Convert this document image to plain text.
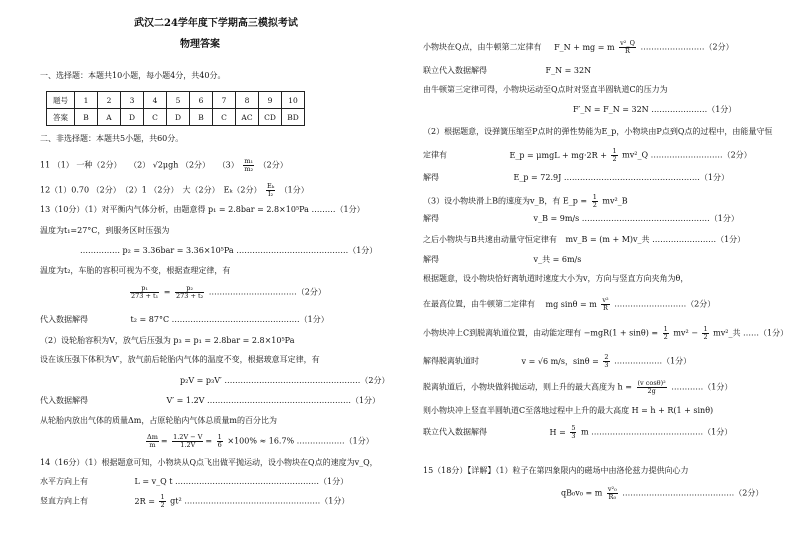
武汉二24学年度下学期高三模拟考试
物理答案
一、选择题：本题共10小题，每小题4分，共40分。
题号	1	2	3	4	5	6	7	8	9	10
答案	B	A	D	C	D	B	C	AC	CD	BD
二、非选择题：本题共5小题，共60分。
11 （1） 一种（2分） （2） √2μgh （2分） $(3) \frac{\text{m₁}}{\text{m₂}} (2$分）
12（1）0.70 （2分）　（2）1 （2分）　大（2分）　Eₖ（2分） $\frac{\text{Eₖ}}{\text{I₂}} (1$分）
13（10分）（1）对平衡内气体分析，由题意得 p₁ = 2.8bar = 2.8×10⁵Pa ………（1分）
温度为t₁=27°C，到服务区时压强为
…………… p₂ = 3.36bar = 3.36×10⁵Pa ……………………………………（1分）
温度为t₂，车胎的容积可视为不变，根据查理定律，有
$\frac{\text{p₁}}{\text{273 + t₁}} = \frac{\text{p₂}}{\text{273 + t₂}}$ ……………………………（2分）
代入数据解得	t₂ = 87°C …………………………………………（1分）
（2）设轮胎容积为V，放气后压强为 p₃ = p₁ = 2.8bar = 2.8×10⁵Pa
设在该压强下体积为V′，放气前后轮胎内气体的温度不变，根据玻意耳定律，有
p₂V = p₃V′ ……………………………………………（2分）
代入数据解得	V′ = 1.2V ………………………………………………（1分）
从轮胎内放出气体的质量Δm，占原轮胎内气体总质量m的百分比为
$\frac{\Delta m}{m} = \frac{1.2V - V}{1.2V} = \frac{1}{6} \times 100\% \approx 16.7\%$ ………………（1分）
14（16分）（1）根据题意可知，小物块从Q点飞出做平抛运动，设小物块在Q点的速度为v_Q，
水平方向上有	L = v_Q t ………………………………………………（1分）
竖直方向上有	$2R = \frac{1}{2} gt^2$ ……………………………………………（1分）
小物块在Q点，由牛顿第二定律有 F_N + mg = m $\frac{\text{v²\_Q}}{R}$ ……………………（2分）
联立代入数据解得	F_N = 32N
由牛顿第三定律可得，小物块运动至Q点时对竖直半圆轨道C的压力为
F′_N = F_N = 32N …………………（1分）
（2）根据题意，设弹簧压缩至P点时的弹性势能为E_p，小物块由P点到Q点的过程中，由能量守恒
定律有	E_p = $\mu mgL + mg\cdot 2R + \frac{1}{2}$ mv²_Q ………………………（2分）
解得	E_p = 72.9J ……………………………………………（1分）
（3）设小物块滑上B的速度为v_B，有 E_p = $\frac{1}{2}$ mv²_B
解得	v_B = 9m/s …………………………………………（1分）
之后小物块与B共速由动量守恒定律有 mv_B = (m + M)v_共 ……………………（1分）
解得	v_共 = 6m/s
根据题意，设小物块恰好离轨道时速度大小为v，方向与竖直方向夹角为θ，
在最高位置，由牛顿第二定律有 mg sinθ = m $\frac{\text{v²}}{R}$ ………………………（2分）
小物块冲上C到脱离轨道位置，由动能定理有 $-mgR(1 + \sin\theta) = \frac{1}{2} mv^2 - \frac{1}{2}$ mv²_共 ……（1分）
解得脱离轨道时	v = √6 m/s，$\sin\theta = \frac{2}{3}$ ………………（1分）
脱离轨道后，小物块做斜抛运动，则上升的最大高度为 $h = \frac{\text{(v cosθ)²}}{2g}$ …………（1分）
则小物块冲上竖直半圆轨道C至落地过程中上升的最大高度 H = h + R(1 + sinθ)
联立代入数据解得	$H = \frac{5}{3}$ m ……………………………………（1分）
15（18分）【详解】（1）粒子在第四象限内的磁场中由洛伦兹力提供向心力
qB₀v₀ = m $\frac{\text{v²₀}}{\text{R₀}}$ ……………………………………（2分）
